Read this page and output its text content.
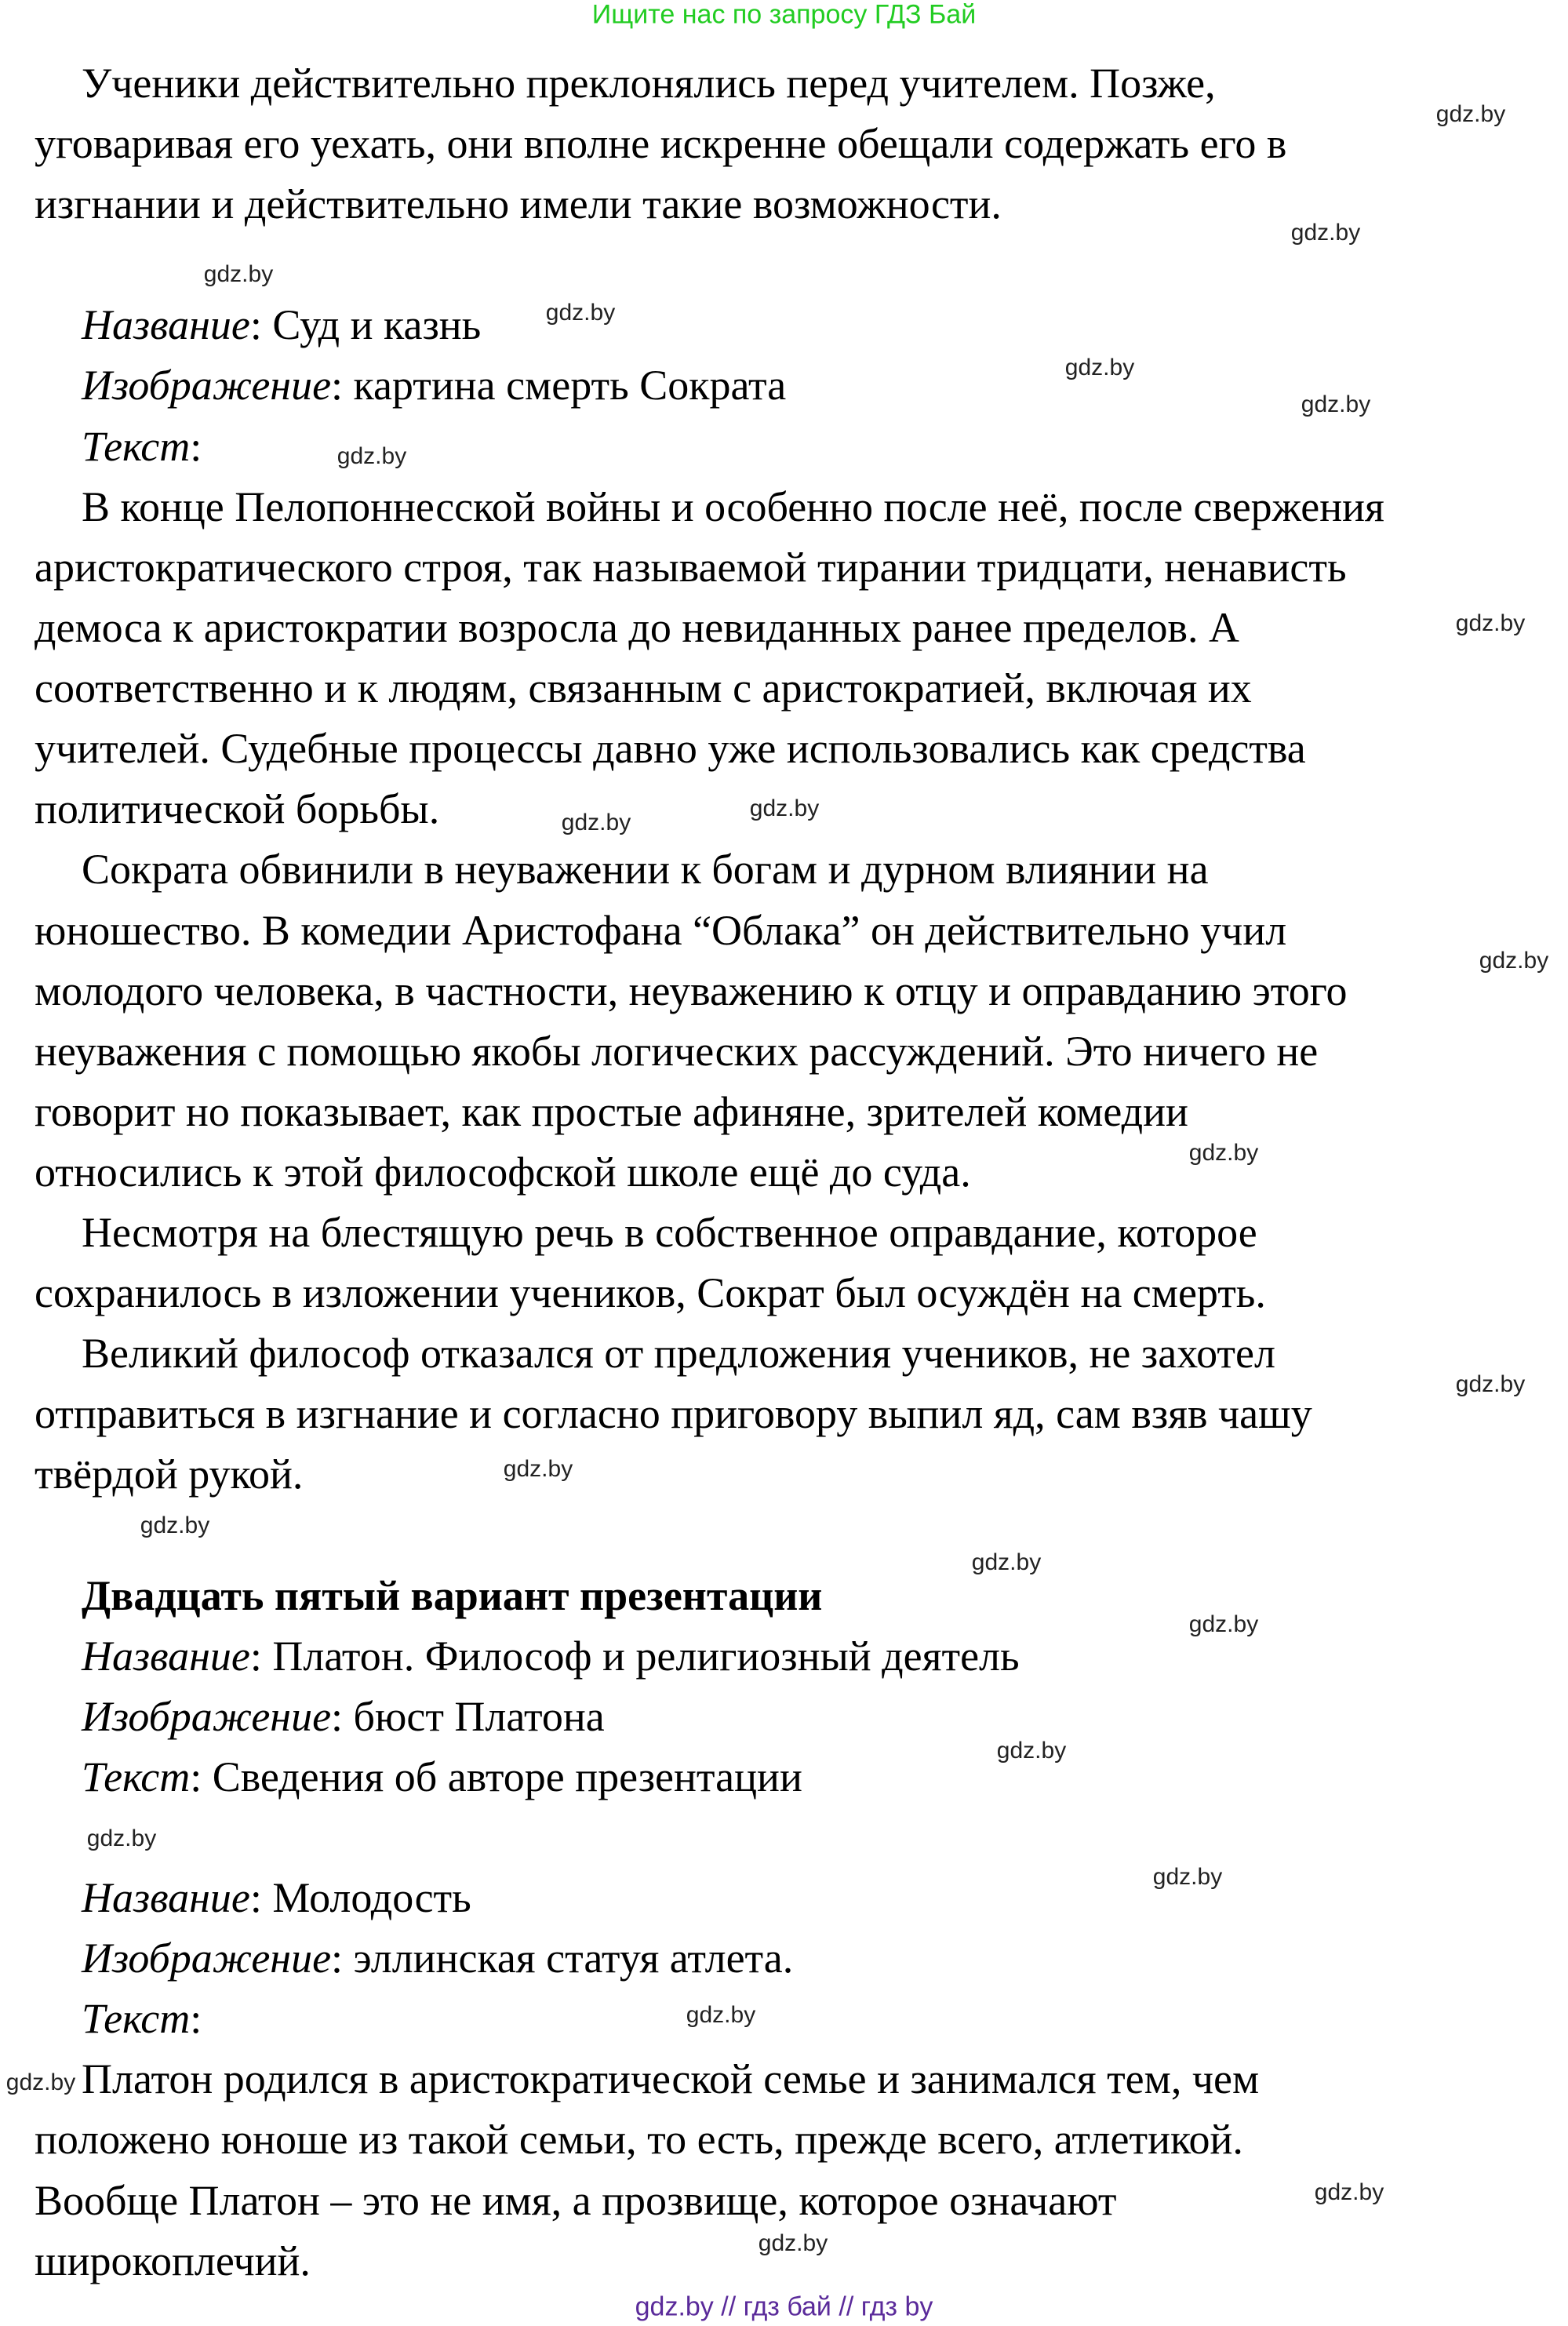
Ищите нас по запросу ГДЗ Бай
Ученики действительно преклонялись перед учителем. Позже,
уговаривая его уехать, они вполне искренне обещали содержать его в
изгнании и действительно имели такие возможности.
Название: Суд и казнь
Изображение: картина смерть Сократа
Текст:
В конце Пелопоннесской войны и особенно после неё, после свержения
аристократического строя, так называемой тирании тридцати, ненависть
демоса к аристократии возросла до невиданных ранее пределов. А
соответственно и к людям, связанным с аристократией, включая их
учителей. Судебные процессы давно уже использовались как средства
политической борьбы.
Сократа обвинили в неуважении к богам и дурном влиянии на
юношество. В комедии Аристофана “Облака” он действительно учил
молодого человека, в частности, неуважению к отцу и оправданию этого
неуважения с помощью якобы логических рассуждений. Это ничего не
говорит но показывает, как простые афиняне, зрителей комедии
относились к этой философской школе ещё до суда.
Несмотря на блестящую речь в собственное оправдание, которое
сохранилось в изложении учеников, Сократ был осуждён на смерть.
Великий философ отказался от предложения учеников, не захотел
отправиться в изгнание и согласно приговору выпил яд, сам взяв чашу
твёрдой рукой.
Двадцать пятый вариант презентации
Название: Платон. Философ и религиозный деятель
Изображение: бюст Платона
Текст: Сведения об авторе презентации
Название: Молодость
Изображение: эллинская статуя атлета.
Текст:
Платон родился в аристократической семье и занимался тем, чем
положено юноше из такой семьи, то есть, прежде всего, атлетикой.
Вообще Платон – это не имя, а прозвище, которое означают
широкоплечий.
gdz.by
gdz.by
gdz.by
gdz.by
gdz.by
gdz.by
gdz.by
gdz.by
gdz.by
gdz.by
gdz.by
gdz.by
gdz.by
gdz.by
gdz.by
gdz.by
gdz.by
gdz.by
gdz.by
gdz.by
gdz.by
gdz.by
gdz.by
gdz.by
gdz.by // гдз бай // гдз by
